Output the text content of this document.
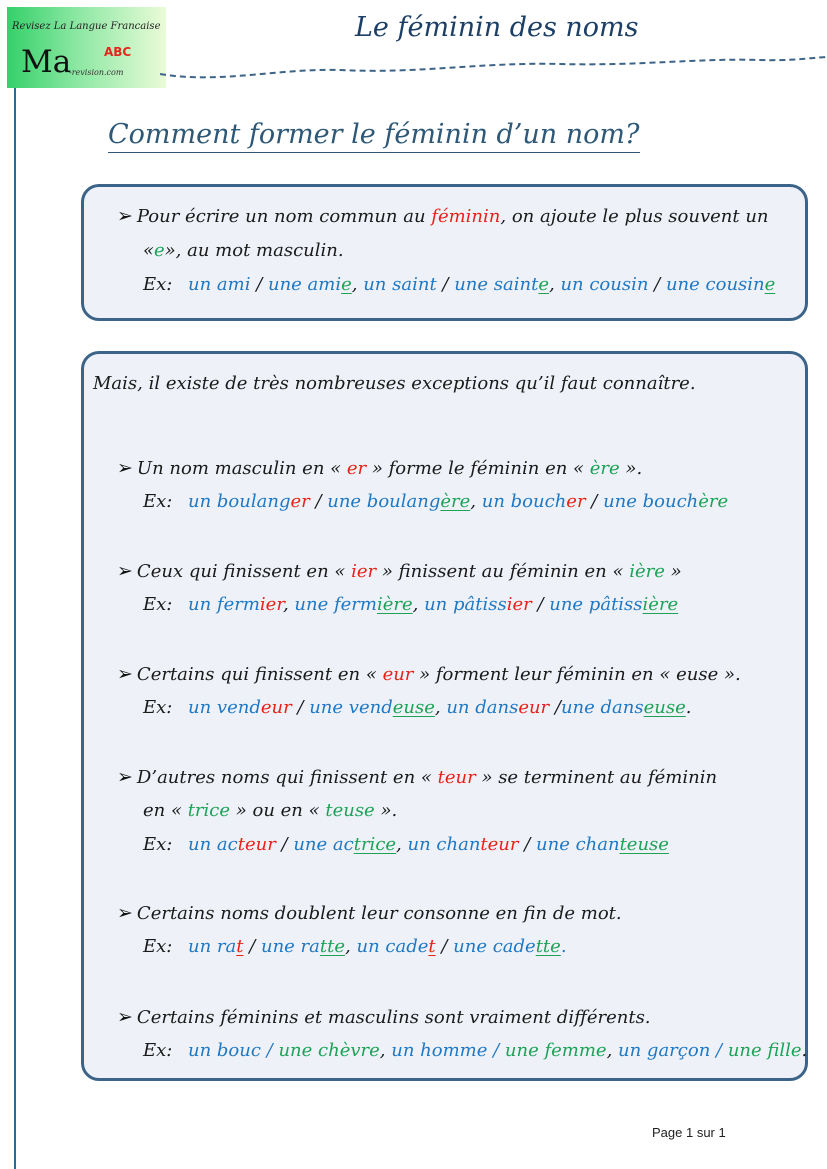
Revisez La Langue Francaise
Ma	ABC
-revision.com
Le féminin des noms
Comment former le féminin d’un nom?
➢ Pour écrire un nom commun au féminin, on ajoute le plus souvent un
«e», au mot masculin.
Ex: un ami / une amie, un saint / une sainte, un cousin / une cousine
Mais, il existe de très nombreuses exceptions qu’il faut connaître.
➢ Un nom masculin en « er » forme le féminin en « ère ».
Ex: un boulanger / une boulangère, un boucher / une bouchère
➢ Ceux qui finissent en « ier » finissent au féminin en « ière »
Ex: un fermier, une fermière, un pâtissier / une pâtissière
➢ Certains qui finissent en « eur » forment leur féminin en « euse ».
Ex: un vendeur / une vendeuse, un danseur /une danseuse.
➢ D’autres noms qui finissent en « teur » se terminent au féminin
en « trice » ou en « teuse ».
Ex: un acteur / une actrice, un chanteur / une chanteuse
➢ Certains noms doublent leur consonne en fin de mot.
Ex: un rat / une ratte, un cadet / une cadette.
➢ Certains féminins et masculins sont vraiment différents.
Ex: un bouc / une chèvre, un homme / une femme, un garçon / une fille.
Page 1 sur 1
